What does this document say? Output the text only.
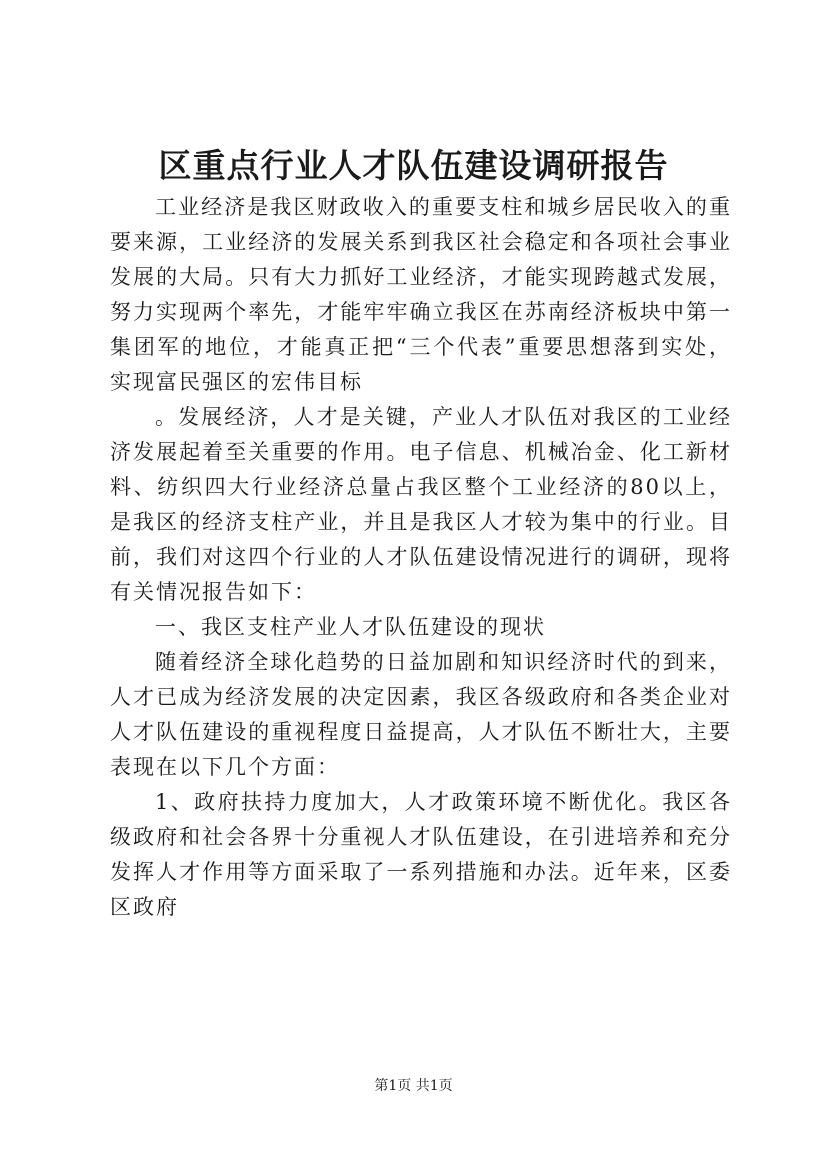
区重点行业人才队伍建设调研报告

工业经济是我区财政收入的重要支柱和城乡居民收入的重要来源，工业经济的发展关系到我区社会稳定和各项社会事业发展的大局。只有大力抓好工业经济，才能实现跨越式发展，努力实现两个率先，才能牢牢确立我区在苏南经济板块中第一集团军的地位，才能真正把“三个代表”重要思想落到实处，实现富民强区的宏伟目标

。发展经济，人才是关键，产业人才队伍对我区的工业经济发展起着至关重要的作用。电子信息、机械冶金、化工新材料、纺织四大行业经济总量占我区整个工业经济的80以上，是我区的经济支柱产业，并且是我区人才较为集中的行业。目前，我们对这四个行业的人才队伍建设情况进行的调研，现将有关情况报告如下：

一、我区支柱产业人才队伍建设的现状

随着经济全球化趋势的日益加剧和知识经济时代的到来，人才已成为经济发展的决定因素，我区各级政府和各类企业对人才队伍建设的重视程度日益提高，人才队伍不断壮大，主要表现在以下几个方面：

1、政府扶持力度加大，人才政策环境不断优化。我区各级政府和社会各界十分重视人才队伍建设，在引进培养和充分发挥人才作用等方面采取了一系列措施和办法。近年来，区委区政府

第1页 共1页
